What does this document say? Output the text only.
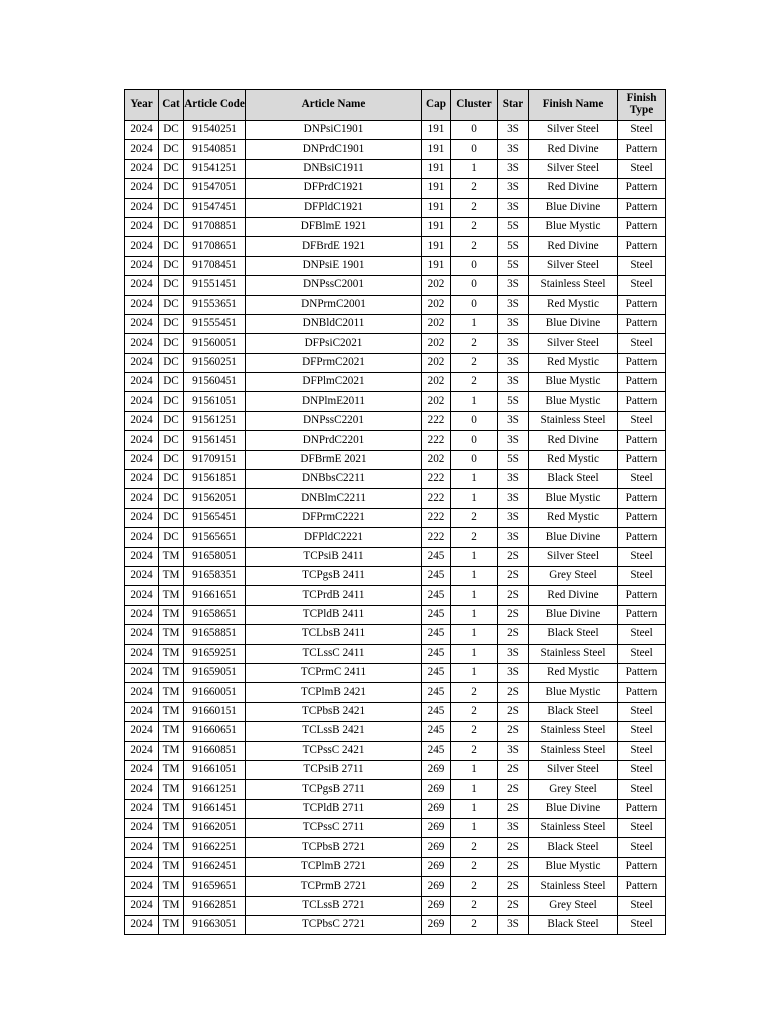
Year	Cat	Article Code	Article Name	Cap	Cluster	Star	Finish Name	Finish Type
2024	DC	91540251	DNPsiC1901	191	0	3S	Silver Steel	Steel
2024	DC	91540851	DNPrdC1901	191	0	3S	Red Divine	Pattern
2024	DC	91541251	DNBsiC1911	191	1	3S	Silver Steel	Steel
2024	DC	91547051	DFPrdC1921	191	2	3S	Red Divine	Pattern
2024	DC	91547451	DFPldC1921	191	2	3S	Blue Divine	Pattern
2024	DC	91708851	DFBlmE 1921	191	2	5S	Blue Mystic	Pattern
2024	DC	91708651	DFBrdE 1921	191	2	5S	Red Divine	Pattern
2024	DC	91708451	DNPsiE 1901	191	0	5S	Silver Steel	Steel
2024	DC	91551451	DNPssC2001	202	0	3S	Stainless Steel	Steel
2024	DC	91553651	DNPrmC2001	202	0	3S	Red Mystic	Pattern
2024	DC	91555451	DNBldC2011	202	1	3S	Blue Divine	Pattern
2024	DC	91560051	DFPsiC2021	202	2	3S	Silver Steel	Steel
2024	DC	91560251	DFPrmC2021	202	2	3S	Red Mystic	Pattern
2024	DC	91560451	DFPlmC2021	202	2	3S	Blue Mystic	Pattern
2024	DC	91561051	DNPlmE2011	202	1	5S	Blue Mystic	Pattern
2024	DC	91561251	DNPssC2201	222	0	3S	Stainless Steel	Steel
2024	DC	91561451	DNPrdC2201	222	0	3S	Red Divine	Pattern
2024	DC	91709151	DFBrmE 2021	202	0	5S	Red Mystic	Pattern
2024	DC	91561851	DNBbsC2211	222	1	3S	Black Steel	Steel
2024	DC	91562051	DNBlmC2211	222	1	3S	Blue Mystic	Pattern
2024	DC	91565451	DFPrmC2221	222	2	3S	Red Mystic	Pattern
2024	DC	91565651	DFPldC2221	222	2	3S	Blue Divine	Pattern
2024	TM	91658051	TCPsiB 2411	245	1	2S	Silver Steel	Steel
2024	TM	91658351	TCPgsB 2411	245	1	2S	Grey Steel	Steel
2024	TM	91661651	TCPrdB 2411	245	1	2S	Red Divine	Pattern
2024	TM	91658651	TCPldB 2411	245	1	2S	Blue Divine	Pattern
2024	TM	91658851	TCLbsB 2411	245	1	2S	Black Steel	Steel
2024	TM	91659251	TCLssC 2411	245	1	3S	Stainless Steel	Steel
2024	TM	91659051	TCPrmC 2411	245	1	3S	Red Mystic	Pattern
2024	TM	91660051	TCPlmB 2421	245	2	2S	Blue Mystic	Pattern
2024	TM	91660151	TCPbsB 2421	245	2	2S	Black Steel	Steel
2024	TM	91660651	TCLssB 2421	245	2	2S	Stainless Steel	Steel
2024	TM	91660851	TCPssC 2421	245	2	3S	Stainless Steel	Steel
2024	TM	91661051	TCPsiB 2711	269	1	2S	Silver Steel	Steel
2024	TM	91661251	TCPgsB 2711	269	1	2S	Grey Steel	Steel
2024	TM	91661451	TCPldB 2711	269	1	2S	Blue Divine	Pattern
2024	TM	91662051	TCPssC 2711	269	1	3S	Stainless Steel	Steel
2024	TM	91662251	TCPbsB 2721	269	2	2S	Black Steel	Steel
2024	TM	91662451	TCPlmB 2721	269	2	2S	Blue Mystic	Pattern
2024	TM	91659651	TCPrmB 2721	269	2	2S	Stainless Steel	Pattern
2024	TM	91662851	TCLssB 2721	269	2	2S	Grey Steel	Steel
2024	TM	91663051	TCPbsC 2721	269	2	3S	Black Steel	Steel
